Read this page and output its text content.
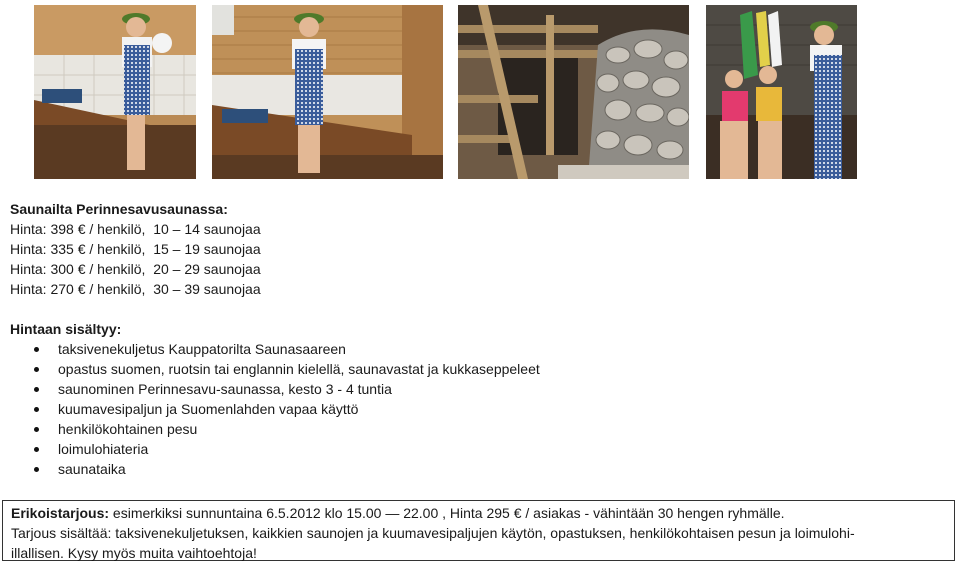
Saunailta Perinnesavusaunassa:
Hinta: 398 € / henkilö,  10 – 14 saunojaa
Hinta: 335 € / henkilö,  15 – 19 saunojaa
Hinta: 300 € / henkilö,  20 – 29 saunojaa
Hinta: 270 € / henkilö,  30 – 39 saunojaa
Hintaan sisältyy:
taksivenekuljetus Kauppatorilta Saunasaareen
opastus suomen, ruotsin tai englannin kielellä, saunavastat ja kukkaseppeleet
saunominen Perinnesavu-saunassa, kesto 3 - 4 tuntia
kuumavesipaljun ja Suomenlahden vapaa käyttö
henkilökohtainen pesu
loimulohiateria
saunataika
Erikoistarjous: esimerkiksi sunnuntaina 6.5.2012 klo 15.00 — 22.00 , Hinta 295 € / asiakas - vähintään 30 hengen ryhmälle.
Tarjous sisältää: taksivenekuljetuksen, kaikkien saunojen ja kuumavesipaljujen käytön, opastuksen, henkilökohtaisen pesun ja loimulohi-
illallisen. Kysy myös muita vaihtoehtoja!
